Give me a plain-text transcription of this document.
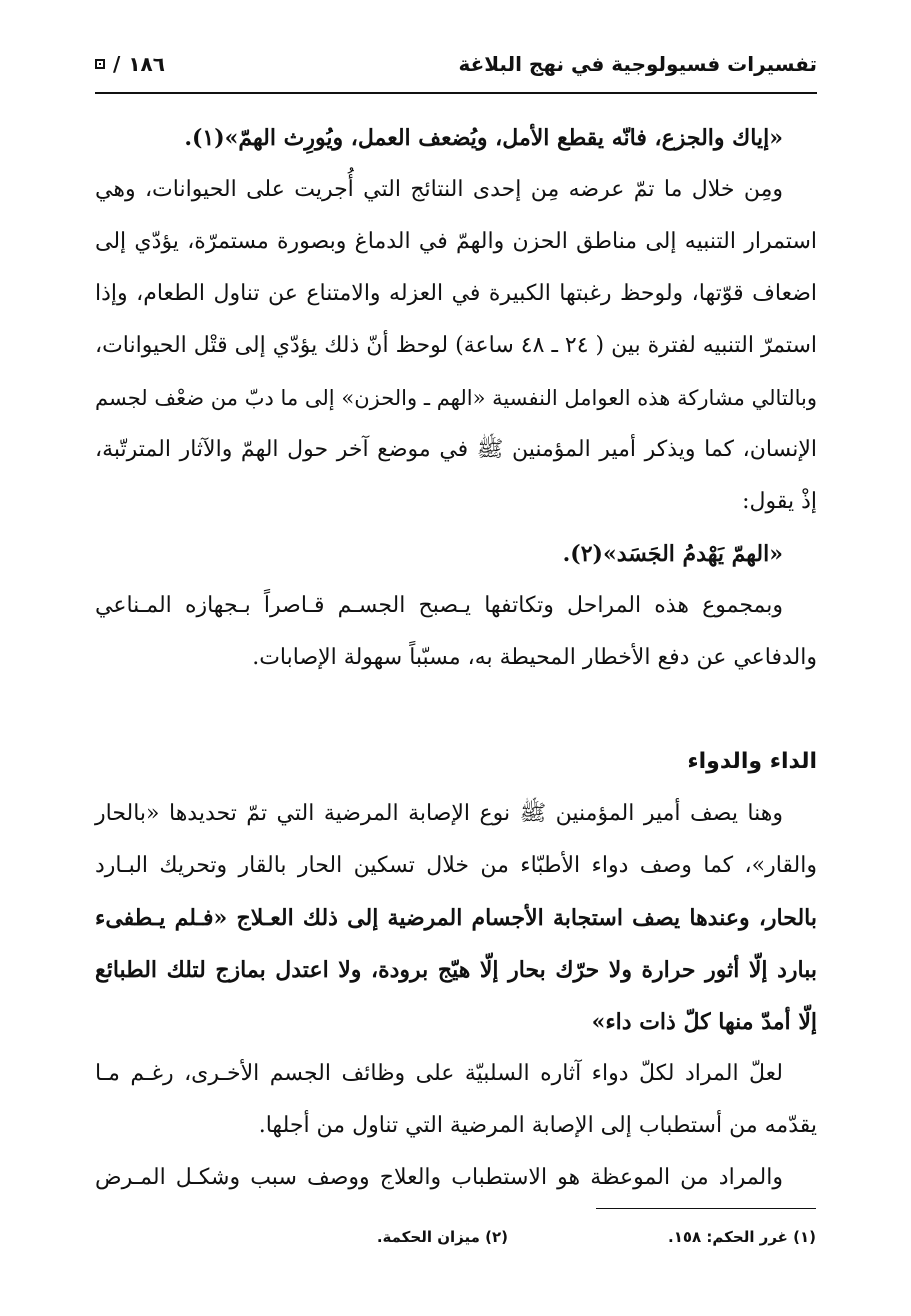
تفسيرات فسيولوجية في نهج البلاغة
/ ١٨٦
«إياك والجزع، فانّه يقطع الأمل، ويُضعف العمل، ويُورِث الهمّ»(١).
ومِن خلال ما تمّ عرضه مِن إحدى النتائج التي أُجريت على الحيوانات، وهي
استمرار التنبيه إلى مناطق الحزن والهمّ في الدماغ وبصورة مستمرّة، يؤدّي إلى
اضعاف قوّتها، ولوحظ رغبتها الكبيرة في العزله والامتناع عن تناول الطعام، وإذا
استمرّ التنبيه لفترة بين ( ٢٤ ـ ٤٨ ساعة) لوحظ أنّ ذلك يؤدّي إلى قتْل الحيوانات،
وبالتالي مشاركة هذه العوامل النفسية «الهم ـ والحزن» إلى ما دبّ من ضعْف لجسم
الإنسان، كما ويذكر أمير المؤمنين ﷺ في موضع آخر حول الهمّ والآثار المترتّبة،
إذْ يقول:
«الهمّ يَهْدمُ الجَسَد»(٢).
وبمجموع هذه المراحل وتكاتفها يـصبح الجسـم قـاصراً بـجهازه المـناعي
والدفاعي عن دفع الأخطار المحيطة به، مسبّباً سهولة الإصابات.
الداء والدواء
وهنا يصف أمير المؤمنين ﷺ نوع الإصابة المرضية التي تمّ تحديدها «بالحار
والقار»، كما وصف دواء الأطبّاء من خلال تسكين الحار بالقار وتحريك البـارد
بالحار، وعندها يصف استجابة الأجسام المرضية إلى ذلك العـلاج «فـلم يـطفىء
ببارد إلّا أثور حرارة ولا حرّك بحار إلّا هيّج برودة، ولا اعتدل بمازج لتلك الطبائع
إلّا أمدّ منها كلّ ذات داء»
لعلّ المراد لكلّ دواء آثاره السلبيّة على وظائف الجسم الأخـرى، رغـم مـا
يقدّمه من أستطباب إلى الإصابة المرضية التي تناول من أجلها.
والمراد من الموعظة هو الاستطباب والعلاج ووصف سبب وشكـل المـرض
(١) غرر الحكم: ١٥٨.
(٢) ميزان الحكمة.
